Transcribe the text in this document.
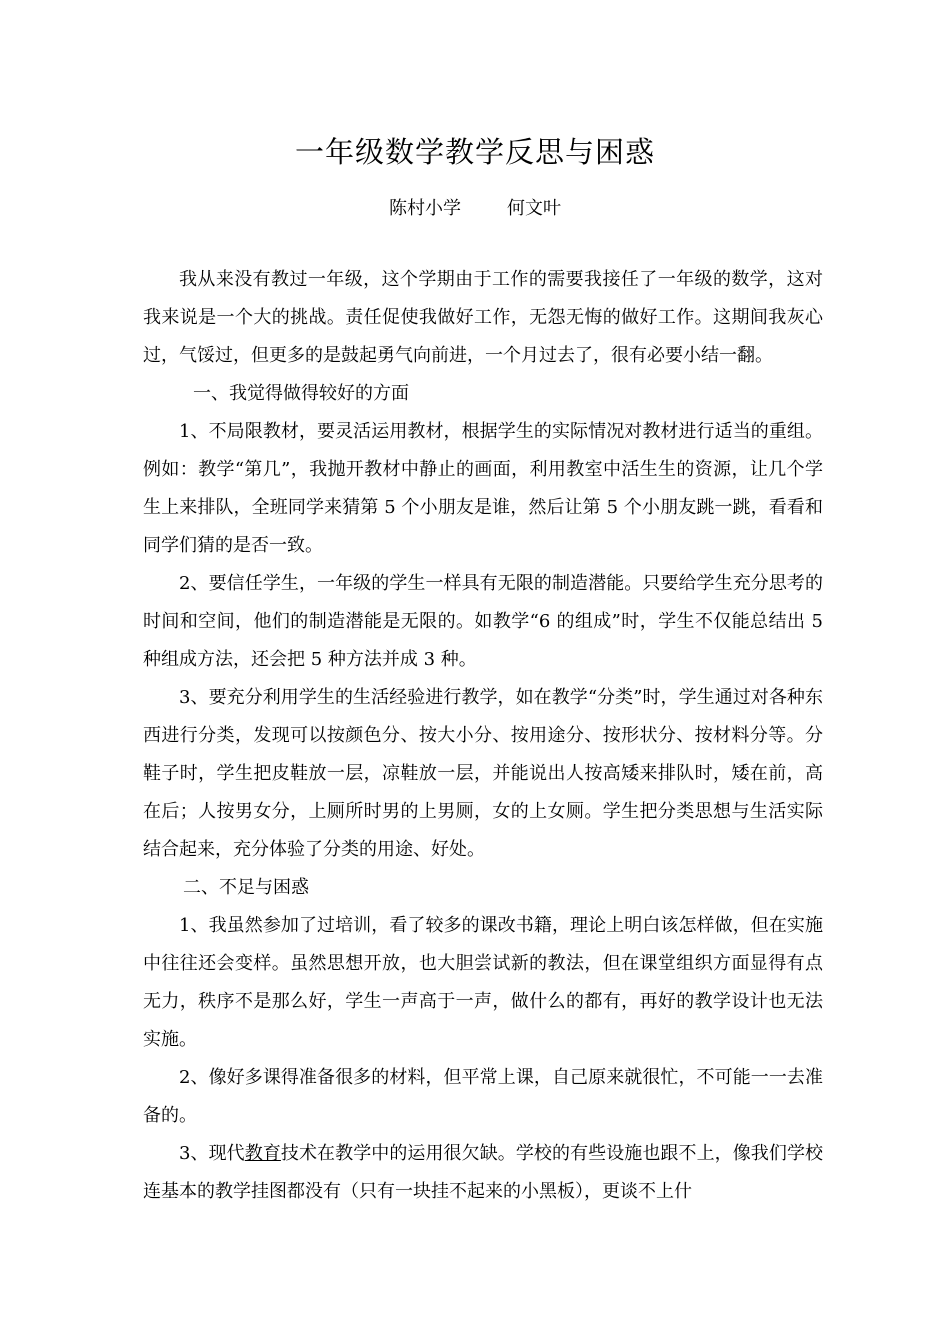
一年级数学教学反思与困惑
陈村小学	何文叶

我从来没有教过一年级，这个学期由于工作的需要我接任了一年级的数学，这对我来说是一个大的挑战。责任促使我做好工作，无怨无悔的做好工作。这期间我灰心过，气馁过，但更多的是鼓起勇气向前进，一个月过去了，很有必要小结一翻。

一、我觉得做得较好的方面

1、不局限教材，要灵活运用教材，根据学生的实际情况对教材进行适当的重组。例如：教学“第几”，我抛开教材中静止的画面，利用教室中活生生的资源，让几个学生上来排队，全班同学来猜第 5 个小朋友是谁，然后让第 5 个小朋友跳一跳，看看和同学们猜的是否一致。

2、要信任学生，一年级的学生一样具有无限的制造潜能。只要给学生充分思考的时间和空间，他们的制造潜能是无限的。如教学“6 的组成”时，学生不仅能总结出 5 种组成方法，还会把 5 种方法并成 3 种。

3、要充分利用学生的生活经验进行教学，如在教学“分类”时，学生通过对各种东西进行分类，发现可以按颜色分、按大小分、按用途分、按形状分、按材料分等。分鞋子时，学生把皮鞋放一层，凉鞋放一层，并能说出人按高矮来排队时，矮在前，高在后；人按男女分，上厕所时男的上男厕，女的上女厕。学生把分类思想与生活实际结合起来，充分体验了分类的用途、好处。

二、不足与困惑

1、我虽然参加了过培训，看了较多的课改书籍，理论上明白该怎样做，但在实施中往往还会变样。虽然思想开放，也大胆尝试新的教法，但在课堂组织方面显得有点无力，秩序不是那么好，学生一声高于一声，做什么的都有，再好的教学设计也无法实施。

2、像好多课得准备很多的材料，但平常上课，自己原来就很忙，不可能一一去准备的。

3、现代教育技术在教学中的运用很欠缺。学校的有些设施也跟不上，像我们学校连基本的教学挂图都没有（只有一块挂不起来的小黑板），更谈不上什
